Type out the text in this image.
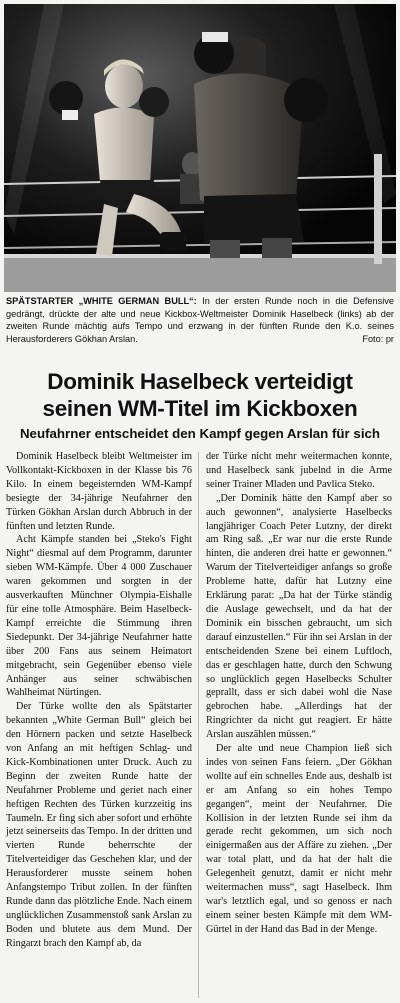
SPÄTSTARTER „WHITE GERMAN BULL“: In der ersten Runde noch in die Defensive gedrängt, drückte der alte und neue Kickbox-Weltmeister Dominik Haselbeck (links) ab der zweiten Runde mächtig aufs Tempo und erzwang in der fünften Runde den K.o. seines Herausforderers Gökhan Arslan.	Foto: pr
Dominik Haselbeck verteidigt
seinen WM-Titel im Kickboxen
Neufahrner entscheidet den Kampf gegen Arslan für sich

Dominik Haselbeck bleibt Weltmeister im Vollkontakt-Kickboxen in der Klasse bis 76 Kilo. In einem begeisternden WM-Kampf besiegte der 34-jährige Neufahrner den Türken Gökhan Arslan durch Abbruch in der fünften und letzten Runde.

Acht Kämpfe standen bei „Steko's Fight Night“ diesmal auf dem Programm, darunter sieben WM-Kämpfe. Über 4 000 Zuschauer waren gekommen und sorgten in der ausverkauften Münchner Olympia-Eishalle für eine tolle Atmosphäre. Beim Haselbeck-Kampf erreichte die Stimmung ihren Siedepunkt. Der 34-jährige Neufahrner hatte über 200 Fans aus seinem Heimatort mitgebracht, sein Gegenüber ebenso viele Anhänger aus seiner schwäbischen Wahlheimat Nürtingen.

Der Türke wollte den als Spätstarter bekannten „White German Bull“ gleich bei den Hörnern packen und setzte Haselbeck von Anfang an mit heftigen Schlag- und Kick-Kombinationen unter Druck. Auch zu Beginn der zweiten Runde hatte der Neufahrner Probleme und geriet nach einer heftigen Rechten des Türken kurzzeitig ins Taumeln. Er fing sich aber sofort und erhöhte jetzt seinerseits das Tempo. In der dritten und vierten Runde beherrschte der Titelverteidiger das Geschehen klar, und der Herausforderer musste seinem hohen Anfangstempo Tribut zollen. In der fünften Runde dann das plötzliche Ende. Nach einem unglücklichen Zusammenstoß sank Arslan zu Boden und blutete aus dem Mund. Der Ringarzt brach den Kampf ab, da

der Türke nicht mehr weitermachen konnte, und Haselbeck sank jubelnd in die Arme seiner Trainer Mladen und Pavlica Steko.

„Der Dominik hätte den Kampf aber so auch gewonnen“, analysierte Haselbecks langjähriger Coach Peter Lutzny, der direkt am Ring saß. „Er war nur die erste Runde hinten, die anderen drei hatte er gewonnen.“ Warum der Titelverteidiger anfangs so große Probleme hatte, dafür hat Lutzny eine Erklärung parat: „Da hat der Türke ständig die Auslage gewechselt, und da hat der Dominik ein bisschen gebraucht, um sich darauf einzustellen.“ Für ihn sei Arslan in der entscheidenden Szene bei einem Luftloch, das er geschlagen hatte, durch den Schwung so unglücklich gegen Haselbecks Schulter geprallt, dass er sich dabei wohl die Nase gebrochen habe. „Allerdings hat der Ringrichter da nicht gut reagiert. Er hätte Arslan auszählen müssen.“

Der alte und neue Champion ließ sich indes von seinen Fans feiern. „Der Gökhan wollte auf ein schnelles Ende aus, deshalb ist er am Anfang so ein hohes Tempo gegangen“, meint der Neufahrner. Die Kollision in der letzten Runde sei ihm da gerade recht gekommen, um sich noch einigermaßen aus der Affäre zu ziehen. „Der war total platt, und da hat der halt die Gelegenheit genutzt, damit er nicht mehr weitermachen muss“, sagt Haselbeck. Ihm war's letztlich egal, und so genoss er nach einem seiner besten Kämpfe mit dem WM-Gürtel in der Hand das Bad in der Menge.
